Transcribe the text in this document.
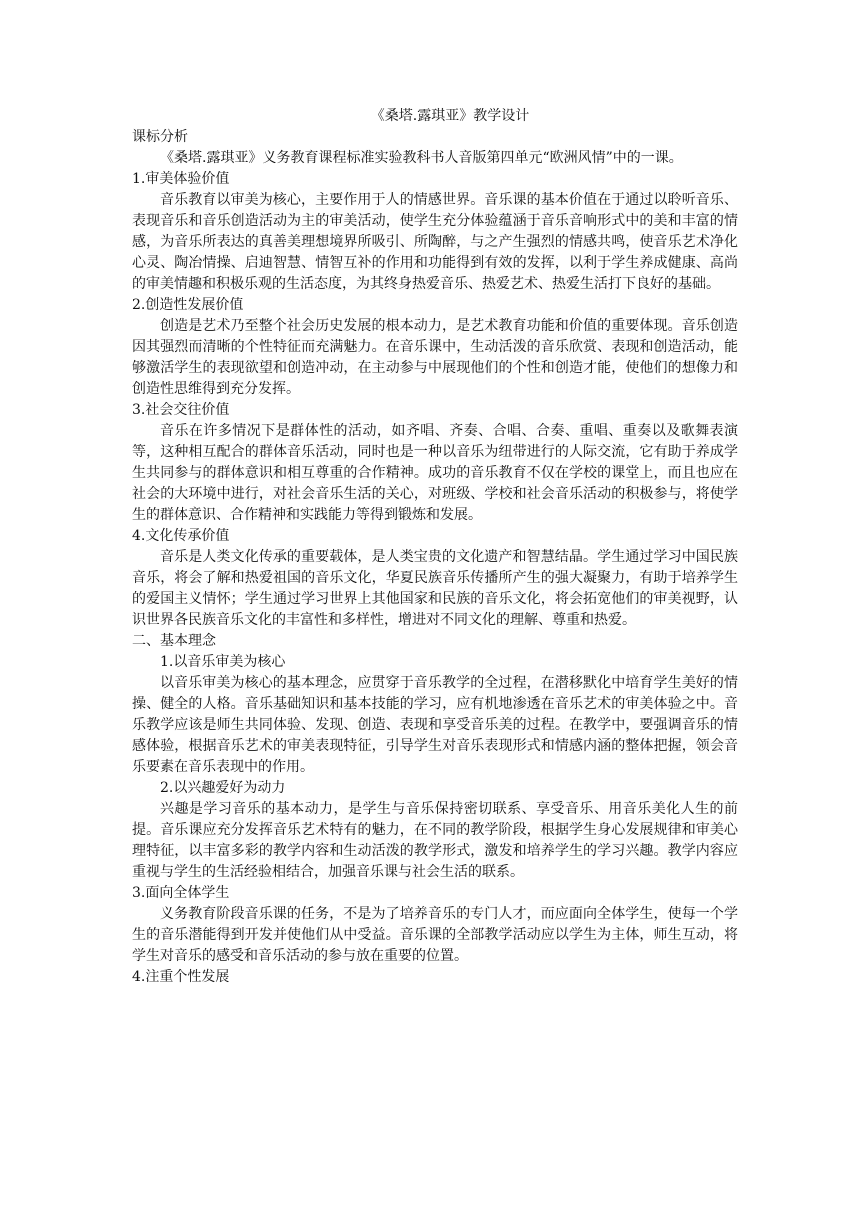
《桑塔.露琪亚》教学设计

课标分析

《桑塔.露琪亚》义务教育课程标准实验教科书人音版第四单元“欧洲风情”中的一课。

1.审美体验价值

音乐教育以审美为核心，主要作用于人的情感世界。音乐课的基本价值在于通过以聆听音乐、表现音乐和音乐创造活动为主的审美活动，使学生充分体验蕴涵于音乐音响形式中的美和丰富的情感，为音乐所表达的真善美理想境界所吸引、所陶醉，与之产生强烈的情感共鸣，使音乐艺术净化心灵、陶冶情操、启迪智慧、情智互补的作用和功能得到有效的发挥，以利于学生养成健康、高尚的审美情趣和积极乐观的生活态度，为其终身热爱音乐、热爱艺术、热爱生活打下良好的基础。

2.创造性发展价值

创造是艺术乃至整个社会历史发展的根本动力，是艺术教育功能和价值的重要体现。音乐创造因其强烈而清晰的个性特征而充满魅力。在音乐课中，生动活泼的音乐欣赏、表现和创造活动，能够激活学生的表现欲望和创造冲动，在主动参与中展现他们的个性和创造才能，使他们的想像力和创造性思维得到充分发挥。

3.社会交往价值

音乐在许多情况下是群体性的活动，如齐唱、齐奏、合唱、合奏、重唱、重奏以及歌舞表演等，这种相互配合的群体音乐活动，同时也是一种以音乐为纽带进行的人际交流，它有助于养成学生共同参与的群体意识和相互尊重的合作精神。成功的音乐教育不仅在学校的课堂上，而且也应在社会的大环境中进行，对社会音乐生活的关心，对班级、学校和社会音乐活动的积极参与，将使学生的群体意识、合作精神和实践能力等得到锻炼和发展。

4.文化传承价值

音乐是人类文化传承的重要载体，是人类宝贵的文化遗产和智慧结晶。学生通过学习中国民族音乐，将会了解和热爱祖国的音乐文化，华夏民族音乐传播所产生的强大凝聚力，有助于培养学生的爱国主义情怀；学生通过学习世界上其他国家和民族的音乐文化，将会拓宽他们的审美视野，认识世界各民族音乐文化的丰富性和多样性，增进对不同文化的理解、尊重和热爱。

二、基本理念

1.以音乐审美为核心

以音乐审美为核心的基本理念，应贯穿于音乐教学的全过程，在潜移默化中培育学生美好的情操、健全的人格。音乐基础知识和基本技能的学习，应有机地渗透在音乐艺术的审美体验之中。音乐教学应该是师生共同体验、发现、创造、表现和享受音乐美的过程。在教学中，要强调音乐的情感体验，根据音乐艺术的审美表现特征，引导学生对音乐表现形式和情感内涵的整体把握，领会音乐要素在音乐表现中的作用。

2.以兴趣爱好为动力

兴趣是学习音乐的基本动力，是学生与音乐保持密切联系、享受音乐、用音乐美化人生的前提。音乐课应充分发挥音乐艺术特有的魅力，在不同的教学阶段，根据学生身心发展规律和审美心理特征，以丰富多彩的教学内容和生动活泼的教学形式，激发和培养学生的学习兴趣。教学内容应重视与学生的生活经验相结合，加强音乐课与社会生活的联系。

3.面向全体学生

义务教育阶段音乐课的任务，不是为了培养音乐的专门人才，而应面向全体学生，使每一个学生的音乐潜能得到开发并使他们从中受益。音乐课的全部教学活动应以学生为主体，师生互动，将学生对音乐的感受和音乐活动的参与放在重要的位置。

4.注重个性发展
